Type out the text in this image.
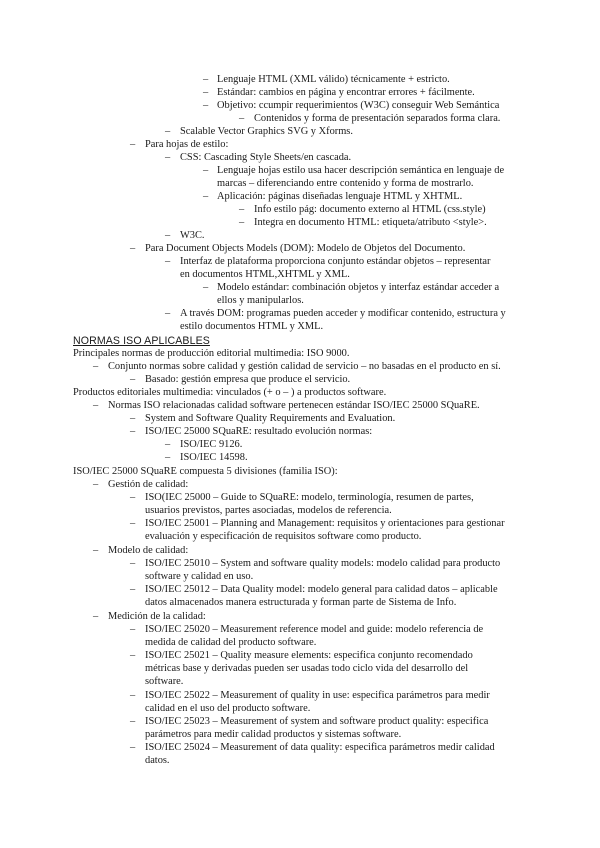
– Lenguaje HTML (XML válido) técnicamente + estricto.
– Estándar: cambios en página y encontrar errores + fácilmente.
– Objetivo: ccumpir requerimientos (W3C) conseguir Web Semántica
– Contenidos y forma de presentación separados forma clara.
– Scalable Vector Graphics SVG y Xforms.
– Para hojas de estilo:
– CSS: Cascading Style Sheets/en cascada.
– Lenguaje hojas estilo usa hacer descripción semántica en lenguaje de
marcas – diferenciando entre contenido y forma de mostrarlo.
– Aplicación: páginas diseñadas lenguaje HTML y XHTML.
– Info estilo pág: documento externo al HTML (css.style)
– Integra en documento HTML: etiqueta/atributo <style>.
– W3C.
– Para Document Objects Models (DOM): Modelo de Objetos del Documento.
– Interfaz de plataforma proporciona conjunto estándar objetos – representar
en documentos HTML,XHTML y XML.
– Modelo estándar: combinación objetos y interfaz estándar acceder a
ellos y manipularlos.
– A través DOM: programas pueden acceder y modificar contenido, estructura y
estilo documentos HTML y XML.
NORMAS ISO APLICABLES
Principales normas de producción editorial multimedia: ISO 9000.
– Conjunto normas sobre calidad y gestión calidad de servicio – no basadas en el producto en sí.
– Basado: gestión empresa que produce el servicio.
Productos editoriales multimedia: vinculados (+ o – ) a productos software.
– Normas ISO relacionadas calidad software pertenecen estándar ISO/IEC 25000 SQuaRE.
– System and Software Quality Requirements and Evaluation.
– ISO/IEC 25000 SQuaRE: resultado evolución normas:
– ISO/IEC 9126.
– ISO/IEC 14598.
ISO/IEC 25000 SQuaRE compuesta 5 divisiones (familia ISO):
– Gestión de calidad:
– ISO(IEC 25000 – Guide to SQuaRE: modelo, terminología, resumen de partes,
usuarios previstos, partes asociadas, modelos de referencia.
– ISO/IEC 25001 – Planning and Management: requisitos y orientaciones para gestionar
evaluación y especificación de requisitos software como producto.
– Modelo de calidad:
– ISO/IEC 25010 – System and software quality models: modelo calidad para producto
software y calidad en uso.
– ISO/IEC 25012 – Data Quality model: modelo general para calidad datos – aplicable
datos almacenados manera estructurada y forman parte de Sistema de Info.
– Medición de la calidad:
– ISO/IEC 25020 – Measurement reference model and guide: modelo referencia de
medida de calidad del producto software.
– ISO/IEC 25021 – Quality measure elements: especifica conjunto recomendado
métricas base y derivadas pueden ser usadas todo ciclo vida del desarrollo del
software.
– ISO/IEC 25022 – Measurement of quality in use: especifica parámetros para medir
calidad en el uso del producto software.
– ISO/IEC 25023 – Measurement of system and software product quality: especifica
parámetros para medir calidad productos y sistemas software.
– ISO/IEC 25024 – Measurement of data quality: especifica parámetros medir calidad
datos.
